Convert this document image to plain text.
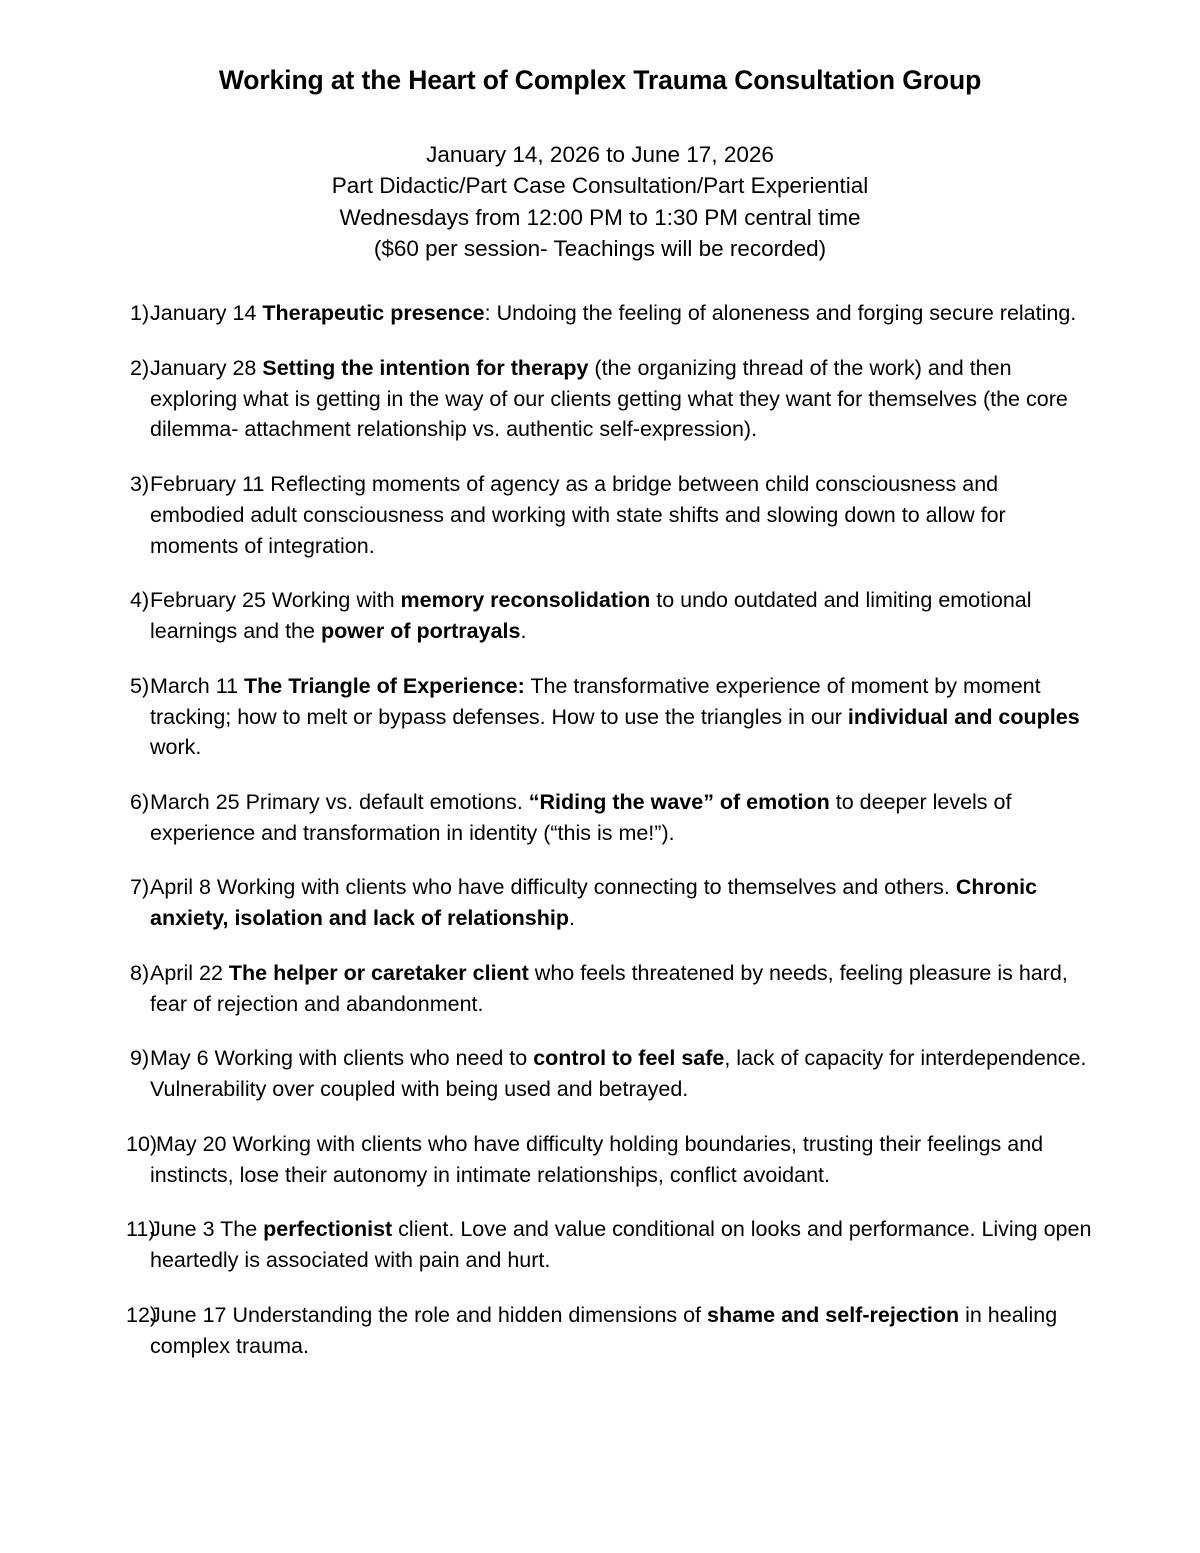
Working at the Heart of Complex Trauma Consultation Group
January 14, 2026 to June 17, 2026
Part Didactic/Part Case Consultation/Part Experiential
Wednesdays from 12:00 PM to 1:30 PM central time
($60 per session- Teachings will be recorded)
1) January 14 Therapeutic presence: Undoing the feeling of aloneness and forging secure relating.
2) January 28 Setting the intention for therapy (the organizing thread of the work) and then exploring what is getting in the way of our clients getting what they want for themselves (the core dilemma- attachment relationship vs. authentic self-expression).
3) February 11 Reflecting moments of agency as a bridge between child consciousness and embodied adult consciousness and working with state shifts and slowing down to allow for moments of integration.
4) February 25 Working with memory reconsolidation to undo outdated and limiting emotional learnings and the power of portrayals.
5) March 11 The Triangle of Experience: The transformative experience of moment by moment tracking; how to melt or bypass defenses. How to use the triangles in our individual and couples work.
6) March 25 Primary vs. default emotions. “Riding the wave” of emotion to deeper levels of experience and transformation in identity (“this is me!”).
7) April 8 Working with clients who have difficulty connecting to themselves and others. Chronic anxiety, isolation and lack of relationship.
8) April 22 The helper or caretaker client who feels threatened by needs, feeling pleasure is hard, fear of rejection and abandonment.
9) May 6 Working with clients who need to control to feel safe, lack of capacity for interdependence. Vulnerability over coupled with being used and betrayed.
10)
May 20 Working with clients who have difficulty holding boundaries, trusting their feelings and instincts, lose their autonomy in intimate relationships, conflict avoidant.
11)
June 3 The perfectionist client. Love and value conditional on looks and performance. Living open heartedly is associated with pain and hurt.
12)
June 17 Understanding the role and hidden dimensions of shame and self-rejection in healing complex trauma.
